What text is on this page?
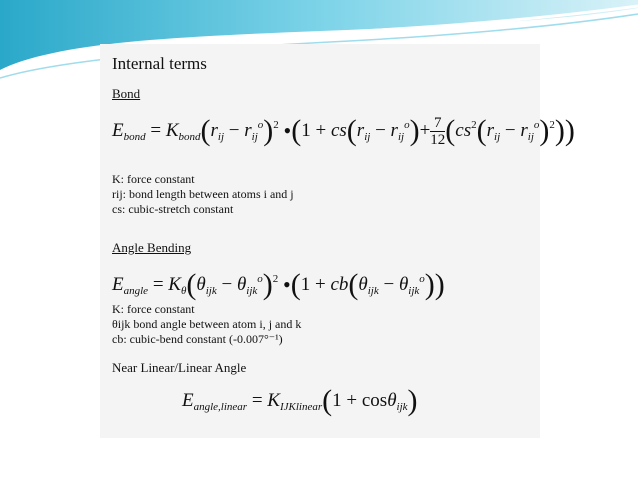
Internal terms
Bond
$E_{bond} = K_{bond}(r_{ij} - r_{ij}^o)^2$ •(1 + $cs(r_{ij} - r_{ij}^o)+ \frac{7}{12} (cs^2(r_{ij} - r_{ij}^o)^2)$)
K: force constant
rij: bond length between atoms i and j
cs: cubic-stretch constant
Angle Bending
$E_{angle} = K_\theta(\theta_{ijk} - \theta_{ijk}^o)^2$ •(1 + $cb(\theta_{ijk} - \theta_{ijk}^o)$)
K: force constant
θijk bond angle between atom i, j and k
cb: cubic-bend constant (-0.007°⁻¹)
Near Linear/Linear Angle
$E_{angle,linear} = K_{IJKlinear}(1 + \cos\theta_{ijk})$
